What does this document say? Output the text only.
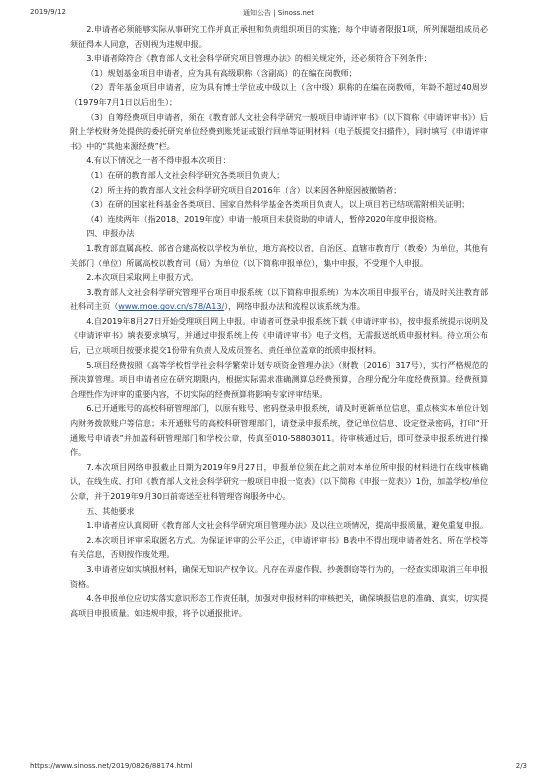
2019/9/12	通知公告 | Sinoss.net

2.申请者必须能够实际从事研究工作并真正承担和负责组织项目的实施；每个申请者限报1项，所列课题组成员必须征得本人同意，否则视为违规申报。

3.申请者除符合《教育部人文社会科学研究项目管理办法》的相关规定外，还必须符合下列条件：

（1）规划基金项目申请者，应为具有高级职称（含副高）的在编在岗教师；

（2）青年基金项目申请者，应为具有博士学位或中级以上（含中级）职称的在编在岗教师，年龄不超过40周岁（1979年7月1日以后出生）；

（3）自筹经费项目申请者，须在《教育部人文社会科学研究一般项目申请评审书》（以下简称《申请评审书》）后附上学校财务处提供的委托研究单位经费到账凭证或银行回单等证明材料（电子版提交扫描件），同时填写《申请评审书》中的“其他来源经费”栏。

4.有以下情况之一者不得申报本次项目：

（1）在研的教育部人文社会科学研究各类项目负责人；

（2）所主持的教育部人文社会科学研究项目自2016年（含）以来因各种原因被撤销者；

（3）在研的国家社科基金各类项目、国家自然科学基金各类项目负责人，以上项目若已结项需附相关证明；

（4）连续两年（指2018、2019年度）申请一般项目未获资助的申请人，暂停2020年度申报资格。

四、申报办法

1.教育部直属高校、部省合建高校以学校为单位，地方高校以省、自治区、直辖市教育厅（教委）为单位，其他有关部门（单位）所属高校以教育司（局）为单位（以下简称申报单位），集中申报，不受理个人申报。

2.本次项目采取网上申报方式。

3.教育部人文社会科学研究管理平台项目申报系统（以下简称申报系统）为本次项目申报平台，请及时关注教育部社科司主页（www.moe.gov.cn/s78/A13/），网络申报办法和流程以该系统为准。

4.自2019年8月27日开始受理项目网上申报。申请者可登录申报系统下载《申请评审书》，按申报系统提示说明及《申请评审书》填表要求填写，并通过申报系统上传《申请评审书》电子文档，无需报送纸质申报材料。待立项公布后，已立项项目按要求提交1份带有负责人及成员签名、责任单位盖章的纸质申报材料。

5.项目经费按照《高等学校哲学社会科学繁荣计划专项资金管理办法》（财教〔2016〕317号），实行严格规范的预决算管理。项目申请者应在研究期限内，根据实际需求准确测算总经费预算，合理分配分年度经费预算。经费预算合理性作为评审的重要内容，不切实际的经费预算将影响专家评审结果。

6.已开通账号的高校科研管理部门，以原有账号、密码登录申报系统，请及时更新单位信息，重点核实本单位计划内财务拨款账户等信息；未开通账号的高校科研管理部门，请登录申报系统，登记单位信息、设定登录密码，打印“开通账号申请表”并加盖科研管理部门和学校公章，传真至010-58803011。待审核通过后，即可登录申报系统进行操作。

7.本次项目网络申报截止日期为2019年9月27日，申报单位须在此之前对本单位所申报的材料进行在线审核确认，在线生成、打印《教育部人文社会科学研究一般项目申报一览表》（以下简称《申报一览表》）1份，加盖学校/单位公章，并于2019年9月30日前寄送至社科管理咨询服务中心。

五、其他要求

1.申请者应认真阅研《教育部人文社会科学研究项目管理办法》及以往立项情况，提高申报质量，避免重复申报。

2.本次项目评审采取匿名方式。为保证评审的公平公正，《申请评审书》B表中不得出现申请者姓名、所在学校等有关信息，否则按作废处理。

3.申请者应如实填报材料，确保无知识产权争议。凡存在弄虚作假、抄袭剽窃等行为的，一经查实即取消三年申报资格。

4.各申报单位应切实落实意识形态工作责任制，加强对申报材料的审核把关，确保填报信息的准确、真实，切实提高项目申报质量。如违规申报，将予以通报批评。

https://www.sinoss.net/2019/0826/88174.html	2/3
